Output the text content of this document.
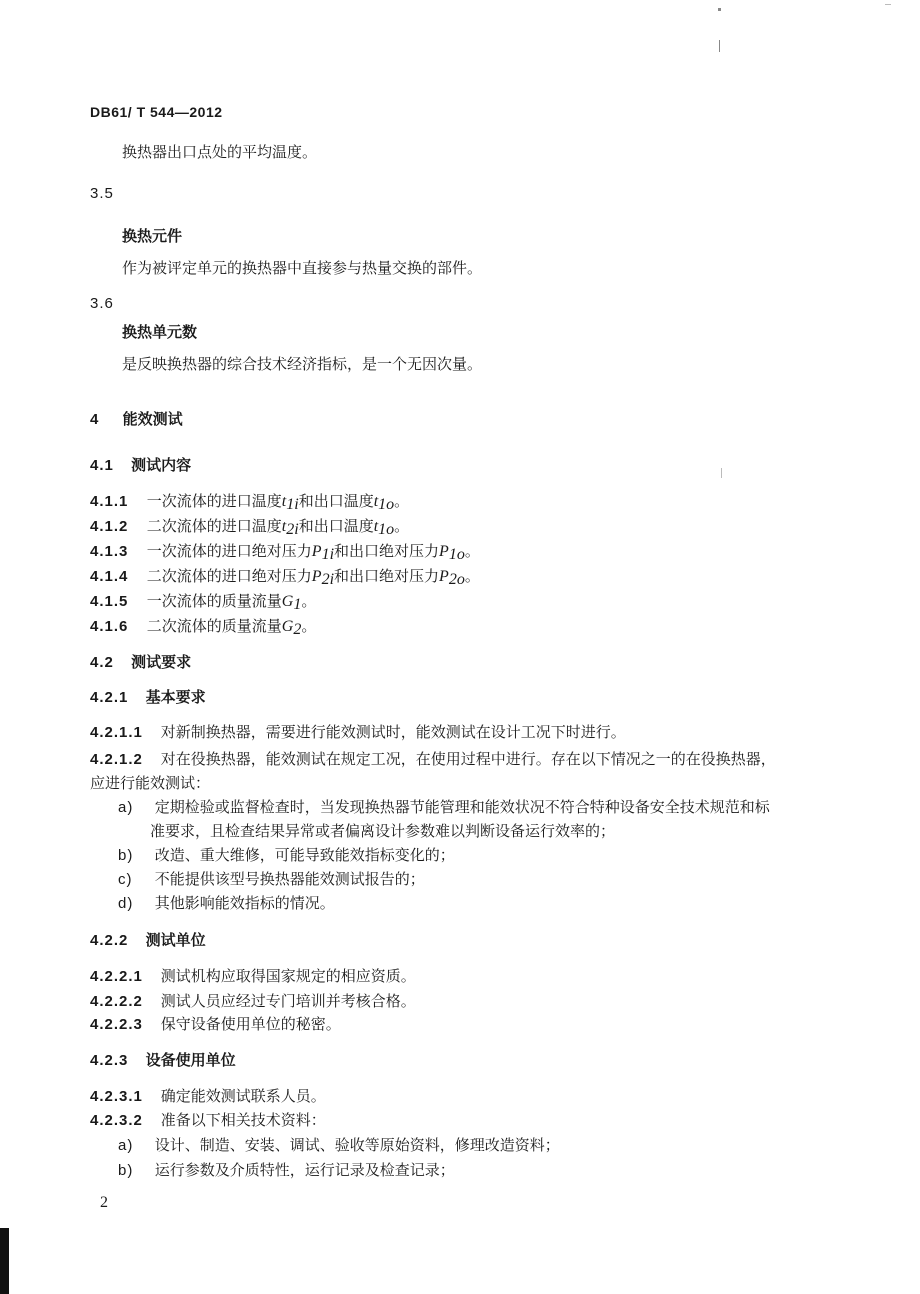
DB61/ T 544—2012
换热器出口点处的平均温度。
3.5
换热元件
作为被评定单元的换热器中直接参与热量交换的部件。
3.6
换热单元数
是反映换热器的综合技术经济指标，是一个无因次量。
4 能效测试
4.1 测试内容
4.1.1 一次流体的进口温度$t_{1i}$和出口温度$t_{1o}$。
4.1.2 二次流体的进口温度$t_{2i}$和出口温度$t_{1o}$。
4.1.3 一次流体的进口绝对压力$P_{1i}$和出口绝对压力$P_{1o}$。
4.1.4 二次流体的进口绝对压力$P_{2i}$和出口绝对压力$P_{2o}$。
4.1.5 一次流体的质量流量$G_1$。
4.1.6 二次流体的质量流量$G_2$。
4.2 测试要求
4.2.1 基本要求
4.2.1.1 对新制换热器，需要进行能效测试时，能效测试在设计工况下时进行。
4.2.1.2 对在役换热器，能效测试在规定工况，在使用过程中进行。存在以下情况之一的在役换热器，
应进行能效测试：
a) 定期检验或监督检查时，当发现换热器节能管理和能效状况不符合特种设备安全技术规范和标
准要求，且检查结果异常或者偏离设计参数难以判断设备运行效率的；
b) 改造、重大维修，可能导致能效指标变化的；
c) 不能提供该型号换热器能效测试报告的；
d) 其他影响能效指标的情况。
4.2.2 测试单位
4.2.2.1 测试机构应取得国家规定的相应资质。
4.2.2.2 测试人员应经过专门培训并考核合格。
4.2.2.3 保守设备使用单位的秘密。
4.2.3 设备使用单位
4.2.3.1 确定能效测试联系人员。
4.2.3.2 准备以下相关技术资料：
a) 设计、制造、安装、调试、验收等原始资料，修理改造资料；
b) 运行参数及介质特性，运行记录及检查记录；
2
